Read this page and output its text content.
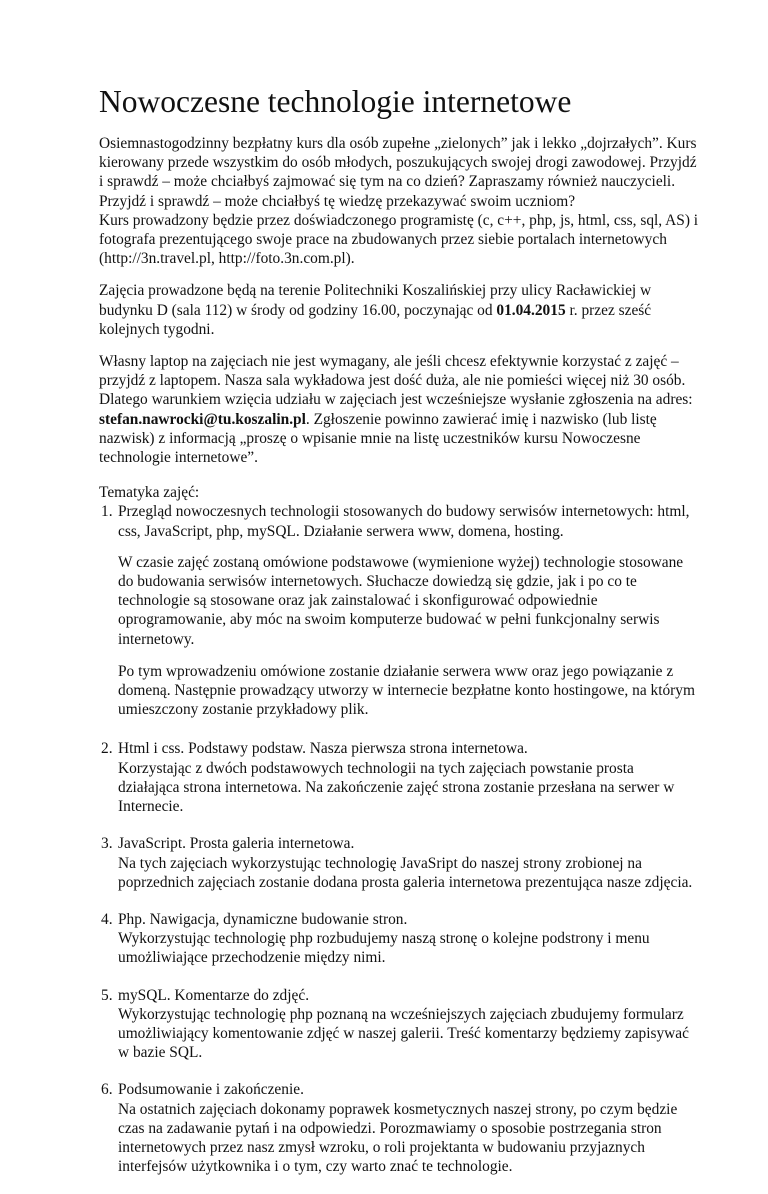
Nowoczesne technologie internetowe

Osiemnastogodzinny bezpłatny kurs dla osób zupełne „zielonych” jak i lekko „dojrzałych”. Kurs kierowany przede wszystkim do osób młodych, poszukujących swojej drogi zawodowej. Przyjdź i sprawdź – może chciałbyś zajmować się tym na co dzień? Zapraszamy również nauczycieli. Przyjdź i sprawdź – może chciałbyś tę wiedzę przekazywać swoim uczniom?
Kurs prowadzony będzie przez doświadczonego programistę (c, c++, php, js, html, css, sql, AS) i fotografa prezentującego swoje prace na zbudowanych przez siebie portalach internetowych (http://3n.travel.pl, http://foto.3n.com.pl).

Zajęcia prowadzone będą na terenie Politechniki Koszalińskiej przy ulicy Racławickiej w budynku D (sala 112) w środy od godziny 16.00, poczynając od 01.04.2015 r. przez sześć kolejnych tygodni.

Własny laptop na zajęciach nie jest wymagany, ale jeśli chcesz efektywnie korzystać z zajęć – przyjdź z laptopem. Nasza sala wykładowa jest dość duża, ale nie pomieści więcej niż 30 osób. Dlatego warunkiem wzięcia udziału w zajęciach jest wcześniejsze wysłanie zgłoszenia na adres: stefan.nawrocki@tu.koszalin.pl. Zgłoszenie powinno zawierać imię i nazwisko (lub listę nazwisk) z informacją „proszę o wpisanie mnie na listę uczestników kursu Nowoczesne technologie internetowe”.

Tematyka zajęć:

1. Przegląd nowoczesnych technologii stosowanych do budowy serwisów internetowych: html, css, JavaScript, php, mySQL. Działanie serwera www, domena, hosting.
W czasie zajęć zostaną omówione podstawowe (wymienione wyżej) technologie stosowane do budowania serwisów internetowych. Słuchacze dowiedzą się gdzie, jak i po co te technologie są stosowane oraz jak zainstalować i skonfigurować odpowiednie oprogramowanie, aby móc na swoim komputerze budować w pełni funkcjonalny serwis internetowy.
Po tym wprowadzeniu omówione zostanie działanie serwera www oraz jego powiązanie z domeną. Następnie prowadzący utworzy w internecie bezpłatne konto hostingowe, na którym umieszczony zostanie przykładowy plik.
2. Html i css. Podstawy podstaw. Nasza pierwsza strona internetowa.
Korzystając z dwóch podstawowych technologii na tych zajęciach powstanie prosta działająca strona internetowa. Na zakończenie zajęć strona zostanie przesłana na serwer w Internecie.
3. JavaScript. Prosta galeria internetowa.
Na tych zajęciach wykorzystując technologię JavaSript do naszej strony zrobionej na poprzednich zajęciach zostanie dodana prosta galeria internetowa prezentująca nasze zdjęcia.
4. Php. Nawigacja, dynamiczne budowanie stron.
Wykorzystując technologię php rozbudujemy naszą stronę o kolejne podstrony i menu umożliwiające przechodzenie między nimi.
5. mySQL. Komentarze do zdjęć.
Wykorzystując technologię php poznaną na wcześniejszych zajęciach zbudujemy formularz umożliwiający komentowanie zdjęć w naszej galerii. Treść komentarzy będziemy zapisywać w bazie SQL.
6. Podsumowanie i zakończenie.
Na ostatnich zajęciach dokonamy poprawek kosmetycznych naszej strony, po czym będzie czas na zadawanie pytań i na odpowiedzi. Porozmawiamy o sposobie postrzegania stron internetowych przez nasz zmysł wzroku, o roli projektanta w budowaniu przyjaznych interfejsów użytkownika i o tym, czy warto znać te technologie.
